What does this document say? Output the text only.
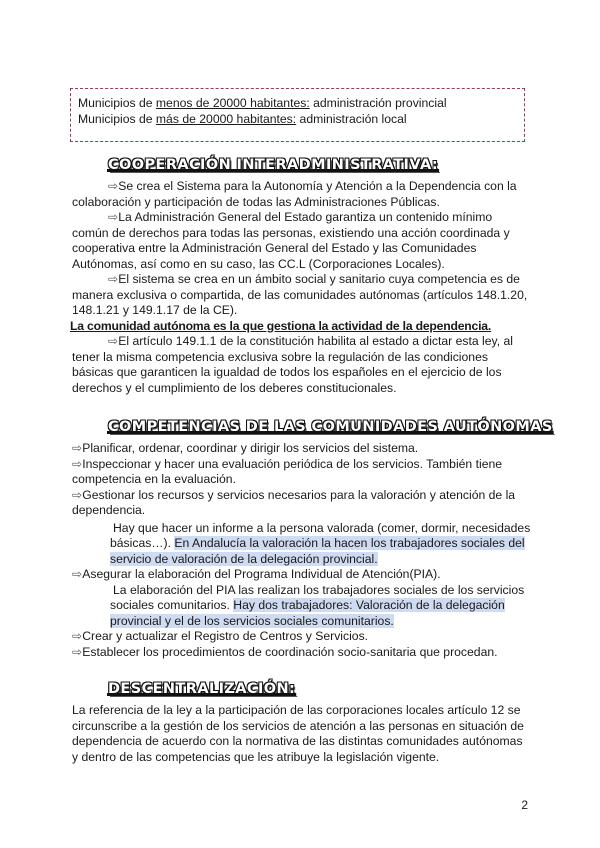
Municipios de menos de 20000 habitantes: administración provincial

Municipios de más de 20000 habitantes: administración local

COOPERACIÓN INTERADMINISTRATIVA:

⇨Se crea el Sistema para la Autonomía y Atención a la Dependencia con la colaboración y participación de todas las Administraciones Públicas.

⇨La Administración General del Estado garantiza un contenido mínimo común de derechos para todas las personas, existiendo una acción coordinada y cooperativa entre la Administración General del Estado y las Comunidades Autónomas, así como en su caso, las CC.L (Corporaciones Locales).

⇨El sistema se crea en un ámbito social y sanitario cuya competencia es de manera exclusiva o compartida, de las comunidades autónomas (artículos 148.1.20, 148.1.21 y 149.1.17 de la CE).

La comunidad autónoma es la que gestiona la actividad de la dependencia.

⇨El artículo 149.1.1 de la constitución habilita al estado a dictar esta ley, al tener la misma competencia exclusiva sobre la regulación de las condiciones básicas que garanticen la igualdad de todos los españoles en el ejercicio de los derechos y el cumplimiento de los deberes constitucionales.

COMPETENCIAS DE LAS COMUNIDADES AUTÓNOMAS

⇨Planificar, ordenar, coordinar y dirigir los servicios del sistema.

⇨Inspeccionar y hacer una evaluación periódica de los servicios. También tiene competencia en la evaluación.

⇨Gestionar los recursos y servicios necesarios para la valoración y atención de la dependencia.

Hay que hacer un informe a la persona valorada (comer, dormir, necesidades básicas…). En Andalucía la valoración la hacen los trabajadores sociales del servicio de valoración de la delegación provincial.

⇨Asegurar la elaboración del Programa Individual de Atención(PIA).

La elaboración del PIA las realizan los trabajadores sociales de los servicios sociales comunitarios. Hay dos trabajadores: Valoración de la delegación provincial y el de los servicios sociales comunitarios.

⇨Crear y actualizar el Registro de Centros y Servicios.

⇨Establecer los procedimientos de coordinación socio-sanitaria que procedan.

DESCENTRALIZACIÓN:

La referencia de la ley a la participación de las corporaciones locales artículo 12 se circunscribe a la gestión de los servicios de atención a las personas en situación de dependencia de acuerdo con la normativa de las distintas comunidades autónomas y dentro de las competencias que les atribuye la legislación vigente.

2
